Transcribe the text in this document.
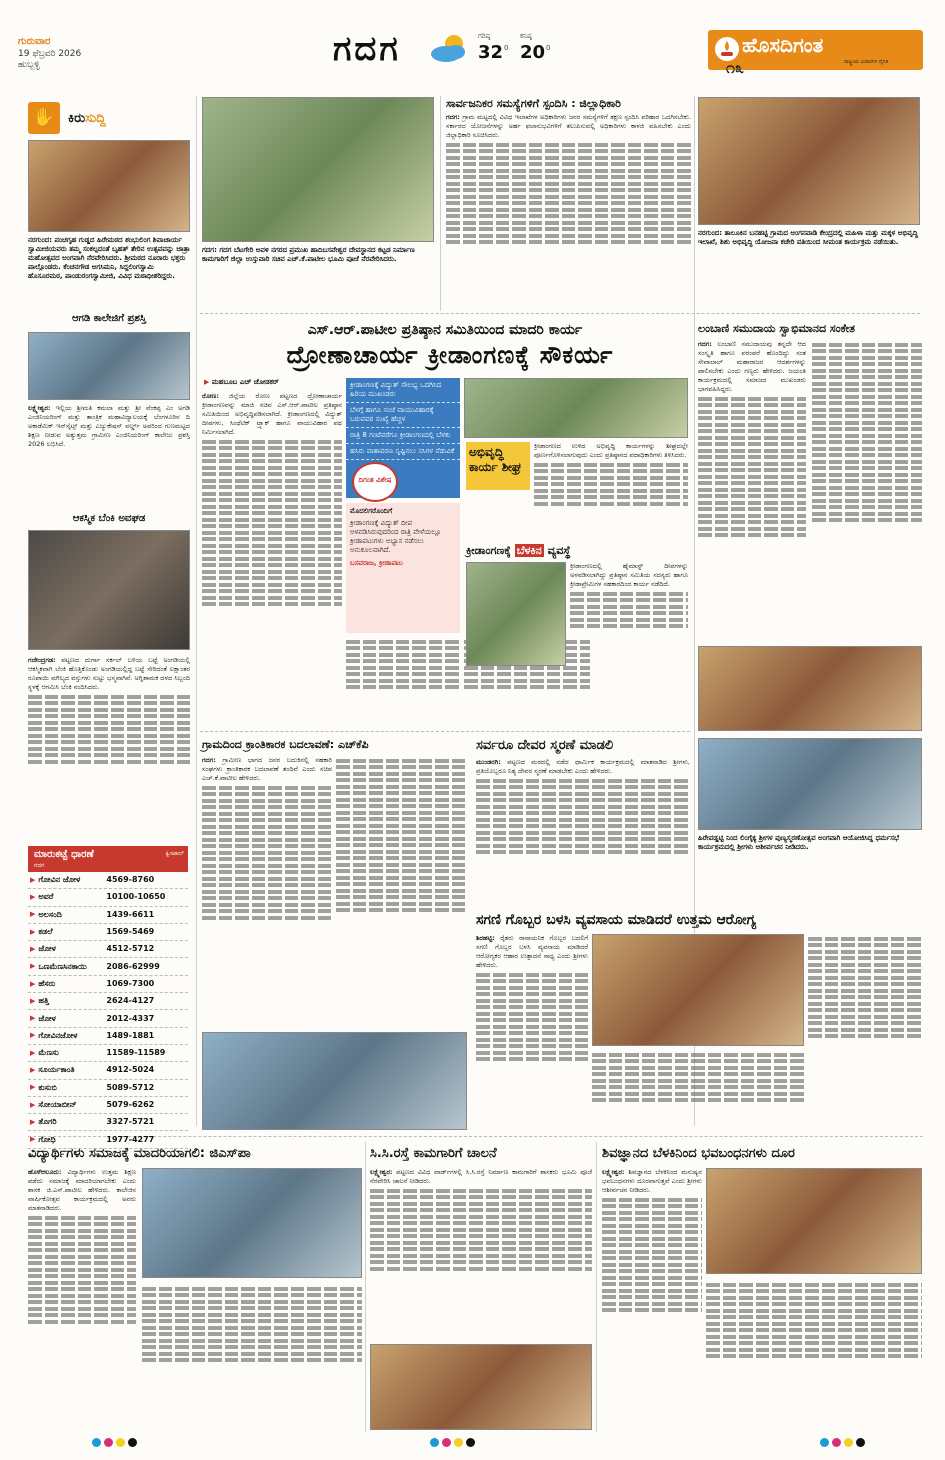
ಗುರುವಾರ
19 ಫೆಬ್ರವರಿ 2026
ಹುಬ್ಬಳ್ಳಿ	ಗದಗ	ಗರಿಷ್ಠ
32 0
ಕನಿಷ್ಠ
20 0	ಹೊಸದಿಗಂತ
ರಾಷ್ಟ್ರೀಯ ವಿಚಾರಗಳ ದೈನಿಕ
೧೩
✋ ಕಿರುಸುದ್ದಿ
ನರಗುಂದ: ಪಂಚಗೃಹ ಗುಡ್ಡದ ಹಿರೇಮಠದ ಶಂಭುಲಿಂಗ ಶಿವಾಚಾರ್ಯ ಸ್ವಾಮೀಜಿಯವರು ತಮ್ಮ ಸಂಕಲ್ಪದಂತೆ ಬೃಹತ್ ತೇರಿನ ಉತ್ಸವವನ್ನು ಜಾತ್ರಾ ಮಹೋತ್ಸವದ ಅಂಗವಾಗಿ ನೆರವೇರಿಸಿದರು. ಶ್ರೀಮಠದ ನೂರಾರು ಭಕ್ತರು ಪಾಲ್ಗೊಂಡರು. ಕೆಂಚನಗೌಡ ಅಗಸಿಮನಿ, ಸಿದ್ದಲಿಂಗಸ್ವಾಮಿ ಹೊಸೂರಮಠ, ಪಾಂಡುರಂಗಸ್ವಾಮೀಜಿ, ವಿವಿಧ ಮಠಾಧೀಶರಿದ್ದರು.
ಆಗಡಿ ಕಾಲೇಜಿಗೆ ಪ್ರಶಸ್ತಿ
ಲಕ್ಷ್ಮೇಶ್ವರ: ಇಲ್ಲಿಯ ಶ್ರೀಮತಿ ಕಮಲಾ ಮತ್ತು ಶ್ರೀ ವೆಂಕಪ್ಪ ಎಂ ಅಗಡಿ ಎಂಜಿನಿಯರಿಂಗ್ ಮತ್ತು ತಾಂತ್ರಿಕ ಮಹಾವಿದ್ಯಾಲಯಕ್ಕೆ ಬೆಂಗಳೂರಿನ ದಿ ಅಕಾಡೆಮಿಕ್ ಇನ್‌ಸೈಟ್ಸ್ ಮತ್ತು ಎಜ್ಯುಕೇಷನ್ ವರ್ಲ್ಡ್ ಅವರಿಂದ ಗುಣಮಟ್ಟದ ಶಿಕ್ಷಣ ನೀಡುವ ಅತ್ಯುತ್ತಮ ಗ್ರಾಮೀಣ ಎಂಜಿನಿಯರಿಂಗ್ ಕಾಲೇಜು ಪ್ರಶಸ್ತಿ 2026 ಲಭಿಸಿದೆ.
ಆಕಸ್ಮಿಕ ಬೆಂಕಿ ಅವಘಡ
ಗಜೇಂದ್ರಗಡ: ಪಟ್ಟಣದ ದುರ್ಗಾ ಸರ್ಕಲ್ ಬಳಿಯ ಬಟ್ಟೆ ಅಂಗಡಿಯಲ್ಲಿ ಆಕಸ್ಮಿಕವಾಗಿ ಬೆಂಕಿ ಹೊತ್ತಿಕೊಂಡು ಅಂಗಡಿಯಲ್ಲಿದ್ದ ಬಟ್ಟೆ ಸೇರಿದಂತೆ ಲಕ್ಷಾಂತರ ರೂಪಾಯಿ ಮೌಲ್ಯದ ವಸ್ತುಗಳು ಸುಟ್ಟು ಭಸ್ಮವಾಗಿವೆ. ಅಗ್ನಿಶಾಮಕ ದಳದ ಸಿಬ್ಬಂದಿ ಸ್ಥಳಕ್ಕೆ ಆಗಮಿಸಿ ಬೆಂಕಿ ನಂದಿಸಿದರು.
ಮಾರುಕಟ್ಟೆ ಧಾರಣೆ	ಕ್ವಿಂಟಾಲ್
ಗದಗ
▶ ಗೋವಿನ ಜೋಳ	4569-8760
▶ ಅವರೆ	10100-10650
▶ ಅಲಸಂದಿ	1439-6611
▶ ಕಡಲೆ	1569-5469
▶ ಜೋಳ	4512-5712
▶ ಒಣಮೆಣಸಿನಕಾಯಿ	2086-62999
▶ ಹೆಸರು	1069-7300
▶ ಹತ್ತಿ	2624-4127
▶ ಜೋಳ	2012-4337
▶ ಗೋವಿನಜೋಳ	1489-1881
▶ ಮೆಣಸು	11589-11589
▶ ಸೂರ್ಯಕಾಂತಿ	4912-5024
▶ ಕುಸುಬಿ	5089-5712
▶ ಸೋಯಾಬೀನ್	5079-6262
▶ ತೊಗರಿ	3327-5721
▶ ಗೋಧಿ	1977-4277
ಗದಗ: ಗದಗ ಬೆಟಗೇರಿ ಅವಳಿ ನಗರದ ಪ್ರಮುಖ ಹಾದಿಬಸವೇಶ್ವರ ದೇವಸ್ಥಾನದ ಕಟ್ಟಡ ನಿರ್ಮಾಣ ಕಾಮಗಾರಿಗೆ ಜಿಲ್ಲಾ ಉಸ್ತುವಾರಿ ಸಚಿವ ಎಚ್.ಕೆ.ಪಾಟೀಲ ಭೂಮಿ ಪೂಜೆ ನೆರವೇರಿಸಿದರು.
ಸಾರ್ವಜನಿಕರ ಸಮಸ್ಯೆಗಳಿಗೆ ಸ್ಪಂದಿಸಿ : ಜಿಲ್ಲಾಧಿಕಾರಿ
ಗದಗ: ಗ್ರಾಮ ಮಟ್ಟದಲ್ಲಿ ವಿವಿಧ ಇಲಾಖೆಗಳ ಅಧಿಕಾರಿಗಳು ಜನರ ಸಮಸ್ಯೆಗಳಿಗೆ ತಕ್ಷಣ ಸ್ಪಂದಿಸಿ ಪರಿಹಾರ ಒದಗಿಸಬೇಕು. ಸರ್ಕಾರದ ಯೋಜನೆಗಳನ್ನು ಅರ್ಹ ಫಲಾನುಭವಿಗಳಿಗೆ ತಲುಪಿಸುವಲ್ಲಿ ಅಧಿಕಾರಿಗಳು ಕಾಳಜಿ ವಹಿಸಬೇಕು ಎಂದು ಜಿಲ್ಲಾಧಿಕಾರಿ ಸೂಚಿಸಿದರು.
ನರಗುಂದ: ತಾಲೂಕಿನ ಬನಹಟ್ಟಿ ಗ್ರಾಮದ ಅಂಗನವಾಡಿ ಕೇಂದ್ರದಲ್ಲಿ ಮಹಿಳಾ ಮತ್ತು ಮಕ್ಕಳ ಅಭಿವೃದ್ಧಿ ಇಲಾಖೆ, ಶಿಶು ಅಭಿವೃದ್ಧಿ ಯೋಜನಾ ಕಚೇರಿ ವತಿಯಿಂದ ಸೀಮಂತ ಕಾರ್ಯಕ್ರಮ ನಡೆಯಿತು.
ಎಸ್.ಆರ್.ಪಾಟೀಲ ಪ್ರತಿಷ್ಠಾನ ಸಮಿತಿಯಿಂದ ಮಾದರಿ ಕಾರ್ಯ
ದ್ರೋಣಾಚಾರ್ಯ ಕ್ರೀಡಾಂಗಣಕ್ಕೆ ಸೌಕರ್ಯ
▶ ಮಹಬೂಬ ಎಚ್ ಚೋಡಕರ್
ರೋಣ: ಜಿಲ್ಲೆಯ ರೋಣ ಪಟ್ಟಣದ ದ್ರೋಣಾಚಾರ್ಯ ಕ್ರೀಡಾಂಗಣವನ್ನು ಮಾಜಿ ಸಚಿವ ಎಸ್.ಆರ್.ಪಾಟೀಲ ಪ್ರತಿಷ್ಠಾನ ಸಮಿತಿಯಿಂದ ಅಭಿವೃದ್ಧಿಪಡಿಸಲಾಗಿದೆ. ಕ್ರೀಡಾಂಗಣದಲ್ಲಿ ವಿದ್ಯುತ್ ದೀಪಗಳು, ಸಿಂಥೆಟಿಕ್ ಟ್ರ್ಯಾಕ್ ಹಾಗೂ ವಾಯುವಿಹಾರ ಪಥ ನಿರ್ಮಿಸಲಾಗಿದೆ.
ಕ್ರೀಡಾಂಗಣಕ್ಕೆ ವಿದ್ಯುತ್ ಸೌಲಭ್ಯ ಒದಗಿಸಿದ ಹಿರಿಯ ಮುಖಂಡರು
ಬೆಳಗ್ಗೆ ಹಾಗೂ ಸಂಜೆ ವಾಯುವಿಹಾರಕ್ಕೆ ಬರುವವರ ಸಂಖ್ಯೆ ಹೆಚ್ಚಳ
ರಾತ್ರಿ 8 ಗಂಟೆವರೆಗೂ ಕ್ರೀಡಾಂಗಣದಲ್ಲಿ ಬೆಳಕು
ಹಸಿರು ವಾತಾವರಣ ಸೃಷ್ಟಿಸಲು ಸಸಿಗಳ ನೆಡುವಿಕೆ
ದಿಗಂತ ವಿಶೇಷ
ಮೊದಲಿಗರೊಂದಿಗೆ
ಕ್ರೀಡಾಂಗಣಕ್ಕೆ ವಿದ್ಯುತ್ ದೀಪ ಅಳವಡಿಸಿರುವುದರಿಂದ ರಾತ್ರಿ ವೇಳೆಯಲ್ಲೂ ಕ್ರೀಡಾಪಟುಗಳು ಅಭ್ಯಾಸ ನಡೆಸಲು ಅನುಕೂಲವಾಗಿದೆ.
ಬಸವರಾಜ, ಕ್ರೀಡಾಪಟು
ಅಭಿವೃದ್ಧಿ ಕಾರ್ಯ ಶೀಘ್ರ
ಕ್ರೀಡಾಂಗಣದ ಉಳಿದ ಅಭಿವೃದ್ಧಿ ಕಾರ್ಯಗಳನ್ನು ಶೀಘ್ರದಲ್ಲೇ ಪೂರ್ಣಗೊಳಿಸಲಾಗುವುದು ಎಂದು ಪ್ರತಿಷ್ಠಾನದ ಪದಾಧಿಕಾರಿಗಳು ತಿಳಿಸಿದರು.
ಕ್ರೀಡಾಂಗಣಕ್ಕೆ ಬೆಳಕಿನ ವ್ಯವಸ್ಥೆ
ಕ್ರೀಡಾಂಗಣದಲ್ಲಿ ಹೈಮಾಸ್ಟ್ ದೀಪಗಳನ್ನು ಅಳವಡಿಸಲಾಗಿದ್ದು ಪ್ರತಿಷ್ಠಾನ ಸಮಿತಿಯ ಸದಸ್ಯರು ಹಾಗೂ ಕ್ರೀಡಾಪ್ರೇಮಿಗಳ ಸಹಕಾರದಿಂದ ಕಾರ್ಯ ನಡೆದಿದೆ.
ಲಂಬಾಣಿ ಸಮುದಾಯ ಸ್ವಾಭಿಮಾನದ ಸಂಕೇತ
ಗದಗ: ಲಂಬಾಣಿ ಸಮುದಾಯವು ತನ್ನದೇ ಆದ ಸಂಸ್ಕೃತಿ ಹಾಗೂ ಪರಂಪರೆ ಹೊಂದಿದ್ದು ಸಂತ ಸೇವಾಲಾಲ್ ಮಹಾರಾಜರ ಆದರ್ಶಗಳನ್ನು ಪಾಲಿಸಬೇಕು ಎಂದು ಗಣ್ಯರು ಹೇಳಿದರು. ಜಯಂತಿ ಕಾರ್ಯಕ್ರಮದಲ್ಲಿ ಸಮಾಜದ ಮುಖಂಡರು ಭಾಗವಹಿಸಿದ್ದರು.
ಗ್ರಾಮದಿಂದ ಕ್ರಾಂತಿಕಾರಕ ಬದಲಾವಣೆ: ಎಚ್‌ಕೆಪಿ
ಗದಗ: ಗ್ರಾಮೀಣ ಭಾಗದ ಜನರ ಬದುಕಿನಲ್ಲಿ ಸಹಕಾರಿ ಸಂಘಗಳು ಕ್ರಾಂತಿಕಾರಕ ಬದಲಾವಣೆ ತಂದಿವೆ ಎಂದು ಸಚಿವ ಎಚ್.ಕೆ.ಪಾಟೀಲ ಹೇಳಿದರು.
ಸರ್ವರೂ ದೇವರ ಸ್ಮರಣೆ ಮಾಡಲಿ
ಮುಂಡರಗಿ: ಪಟ್ಟಣದ ಮಠದಲ್ಲಿ ನಡೆದ ಧಾರ್ಮಿಕ ಕಾರ್ಯಕ್ರಮದಲ್ಲಿ ಮಾತನಾಡಿದ ಶ್ರೀಗಳು, ಪ್ರತಿಯೊಬ್ಬರೂ ನಿತ್ಯ ದೇವರ ಸ್ಮರಣೆ ಮಾಡಬೇಕು ಎಂದು ಹೇಳಿದರು.
ಹಿರೇವಡ್ಡಟ್ಟಿ ನಿಂದ ಲಿಂಗೈಕ್ಯ ಶ್ರೀಗಳ ಪುಣ್ಯಸ್ಮರಣೋತ್ಸವ ಅಂಗವಾಗಿ ಆಯೋಜಿಸಿದ್ದ ಧರ್ಮಸಭೆ ಕಾರ್ಯಕ್ರಮದಲ್ಲಿ ಶ್ರೀಗಳು ಆಶೀರ್ವಚನ ನೀಡಿದರು.
ಸಗಣಿ ಗೊಬ್ಬರ ಬಳಸಿ ವ್ಯವಸಾಯ ಮಾಡಿದರೆ ಉತ್ತಮ ಆರೋಗ್ಯ
ಶಿರಹಟ್ಟಿ: ರೈತರು ರಾಸಾಯನಿಕ ಗೊಬ್ಬರ ಬದಲಿಗೆ ಸಗಣಿ ಗೊಬ್ಬರ ಬಳಸಿ ವ್ಯವಸಾಯ ಮಾಡಿದರೆ ಆರೋಗ್ಯಕರ ಆಹಾರ ಉತ್ಪಾದನೆ ಸಾಧ್ಯ ಎಂದು ಶ್ರೀಗಳು ಹೇಳಿದರು.
ವಿದ್ಯಾರ್ಥಿಗಳು ಸಮಾಜಕ್ಕೆ ಮಾದರಿಯಾಗಲಿ: ಜಿಎಸ್‌ಪಾ
ಹೊಳೆಆಲೂರು: ವಿದ್ಯಾರ್ಥಿಗಳು ಉತ್ತಮ ಶಿಕ್ಷಣ ಪಡೆದು ಸಮಾಜಕ್ಕೆ ಮಾದರಿಯಾಗಬೇಕು ಎಂದು ಶಾಸಕ ಜಿ.ಎಸ್.ಪಾಟೀಲ ಹೇಳಿದರು. ಕಾಲೇಜಿನ ವಾರ್ಷಿಕೋತ್ಸವ ಕಾರ್ಯಕ್ರಮದಲ್ಲಿ ಅವರು ಮಾತನಾಡಿದರು.
ಸಿ.ಸಿ.ರಸ್ತೆ ಕಾಮಗಾರಿಗೆ ಚಾಲನೆ
ಲಕ್ಷ್ಮೇಶ್ವರ: ಪಟ್ಟಣದ ವಿವಿಧ ವಾರ್ಡ್‌ಗಳಲ್ಲಿ ಸಿ.ಸಿ.ರಸ್ತೆ ನಿರ್ಮಾಣ ಕಾಮಗಾರಿಗೆ ಶಾಸಕರು ಭೂಮಿ ಪೂಜೆ ನೆರವೇರಿಸಿ ಚಾಲನೆ ನೀಡಿದರು.
ಶಿವಜ್ಞಾನದ ಬೆಳಕಿನಿಂದ ಭವಬಂಧನಗಳು ದೂರ
ಲಕ್ಷ್ಮೇಶ್ವರ: ಶಿವಜ್ಞಾನದ ಬೆಳಕಿನಿಂದ ಮನುಷ್ಯನ ಭವಬಂಧನಗಳು ದೂರವಾಗುತ್ತವೆ ಎಂದು ಶ್ರೀಗಳು ಆಶೀರ್ವಚನ ನೀಡಿದರು.
